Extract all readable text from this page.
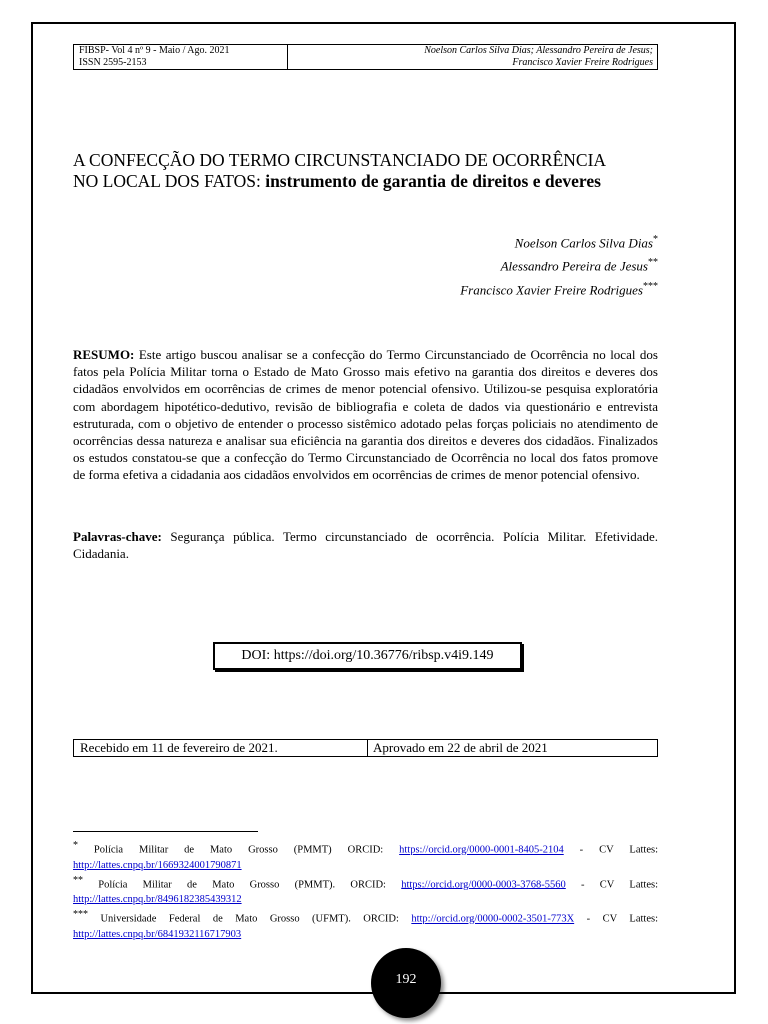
FIBSP- Vol 4 nº 9 - Maio / Ago. 2021
ISSN 2595-2153
Noelson Carlos Silva Dias; Alessandro Pereira de Jesus;
Francisco Xavier Freire Rodrigues
A CONFECÇÃO DO TERMO CIRCUNSTANCIADO DE OCORRÊNCIA
NO LOCAL DOS FATOS: instrumento de garantia de direitos e deveres
Noelson Carlos Silva Dias*
Alessandro Pereira de Jesus**
Francisco Xavier Freire Rodrigues***
RESUMO: Este artigo buscou analisar se a confecção do Termo Circunstanciado de Ocorrência no local dos fatos pela Polícia Militar torna o Estado de Mato Grosso mais efetivo na garantia dos direitos e deveres dos cidadãos envolvidos em ocorrências de crimes de menor potencial ofensivo. Utilizou-se pesquisa exploratória com abordagem hipotético-dedutivo, revisão de bibliografia e coleta de dados via questionário e entrevista estruturada, com o objetivo de entender o processo sistêmico adotado pelas forças policiais no atendimento de ocorrências dessa natureza e analisar sua eficiência na garantia dos direitos e deveres dos cidadãos. Finalizados os estudos constatou-se que a confecção do Termo Circunstanciado de Ocorrência no local dos fatos promove de forma efetiva a cidadania aos cidadãos envolvidos em ocorrências de crimes de menor potencial ofensivo.
Palavras-chave: Segurança pública. Termo circunstanciado de ocorrência. Polícia Militar. Efetividade. Cidadania.
DOI: https://doi.org/10.36776/ribsp.v4i9.149
Recebido em 11 de fevereiro de 2021.	Aprovado em 22 de abril de 2021
* Polícia Militar de Mato Grosso (PMMT) ORCID: https://orcid.org/0000-0001-8405-2104 - CV Lattes: http://lattes.cnpq.br/1669324001790871
** Polícia Militar de Mato Grosso (PMMT). ORCID: https://orcid.org/0000-0003-3768-5560 - CV Lattes: http://lattes.cnpq.br/8496182385439312
*** Universidade Federal de Mato Grosso (UFMT). ORCID: http://orcid.org/0000-0002-3501-773X - CV Lattes: http://lattes.cnpq.br/6841932116717903
192
